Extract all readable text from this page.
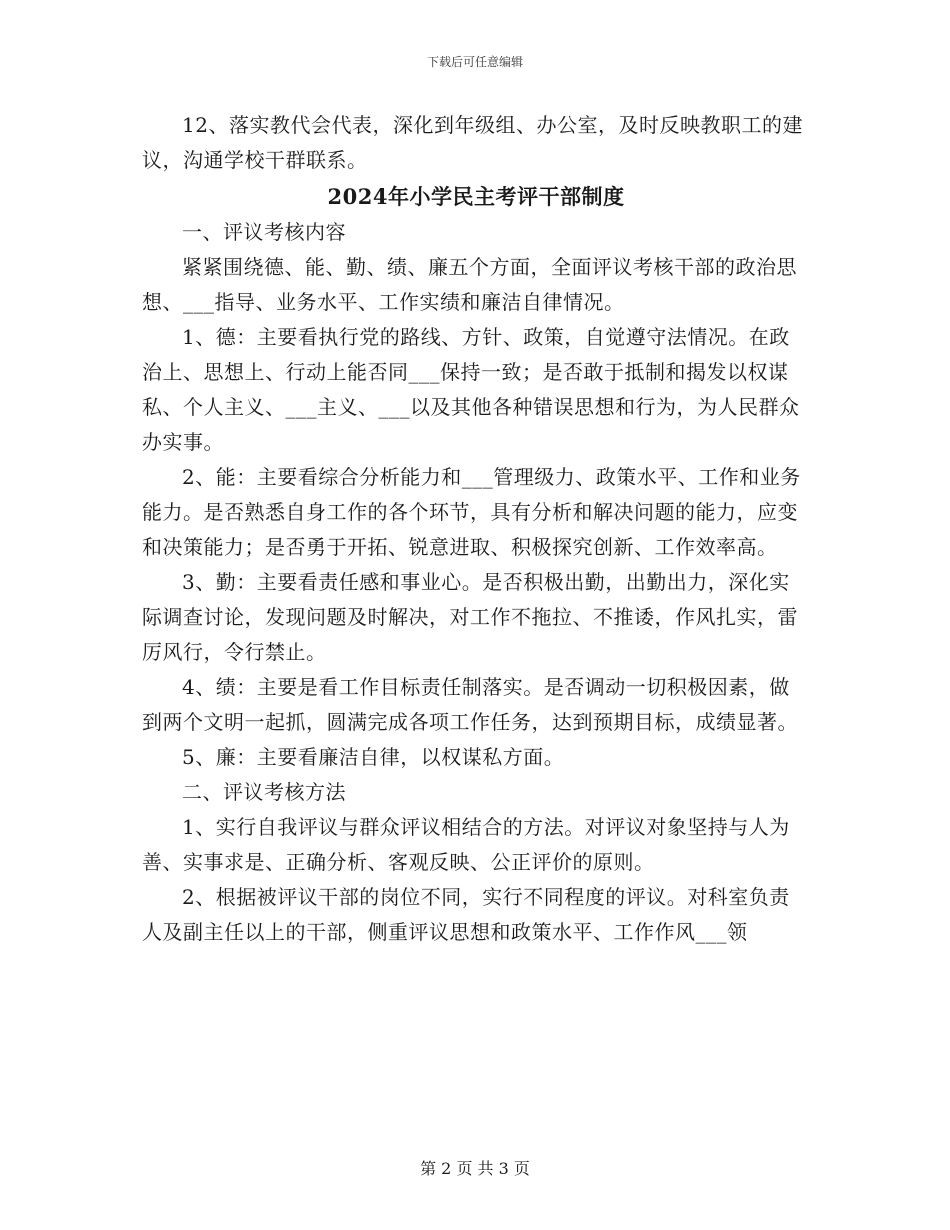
下载后可任意编辑

12、落实教代会代表，深化到年级组、办公室，及时反映教职工的建议，沟通学校干群联系。

2024年小学民主考评干部制度

一、评议考核内容

紧紧围绕德、能、勤、绩、廉五个方面，全面评议考核干部的政治思想、___指导、业务水平、工作实绩和廉洁自律情况。

1、德：主要看执行党的路线、方针、政策，自觉遵守法情况。在政治上、思想上、行动上能否同___保持一致；是否敢于抵制和揭发以权谋私、个人主义、___主义、___以及其他各种错误思想和行为，为人民群众办实事。

2、能：主要看综合分析能力和___管理级力、政策水平、工作和业务能力。是否熟悉自身工作的各个环节，具有分析和解决问题的能力，应变和决策能力；是否勇于开拓、锐意进取、积极探究创新、工作效率高。

3、勤：主要看责任感和事业心。是否积极出勤，出勤出力，深化实际调查讨论，发现问题及时解决，对工作不拖拉、不推诿，作风扎实，雷厉风行，令行禁止。

4、绩：主要是看工作目标责任制落实。是否调动一切积极因素，做到两个文明一起抓，圆满完成各项工作任务，达到预期目标，成绩显著。

5、廉：主要看廉洁自律，以权谋私方面。

二、评议考核方法

1、实行自我评议与群众评议相结合的方法。对评议对象坚持与人为善、实事求是、正确分析、客观反映、公正评价的原则。

2、根据被评议干部的岗位不同，实行不同程度的评议。对科室负责人及副主任以上的干部，侧重评议思想和政策水平、工作作风___领

第 2 页 共 3 页
